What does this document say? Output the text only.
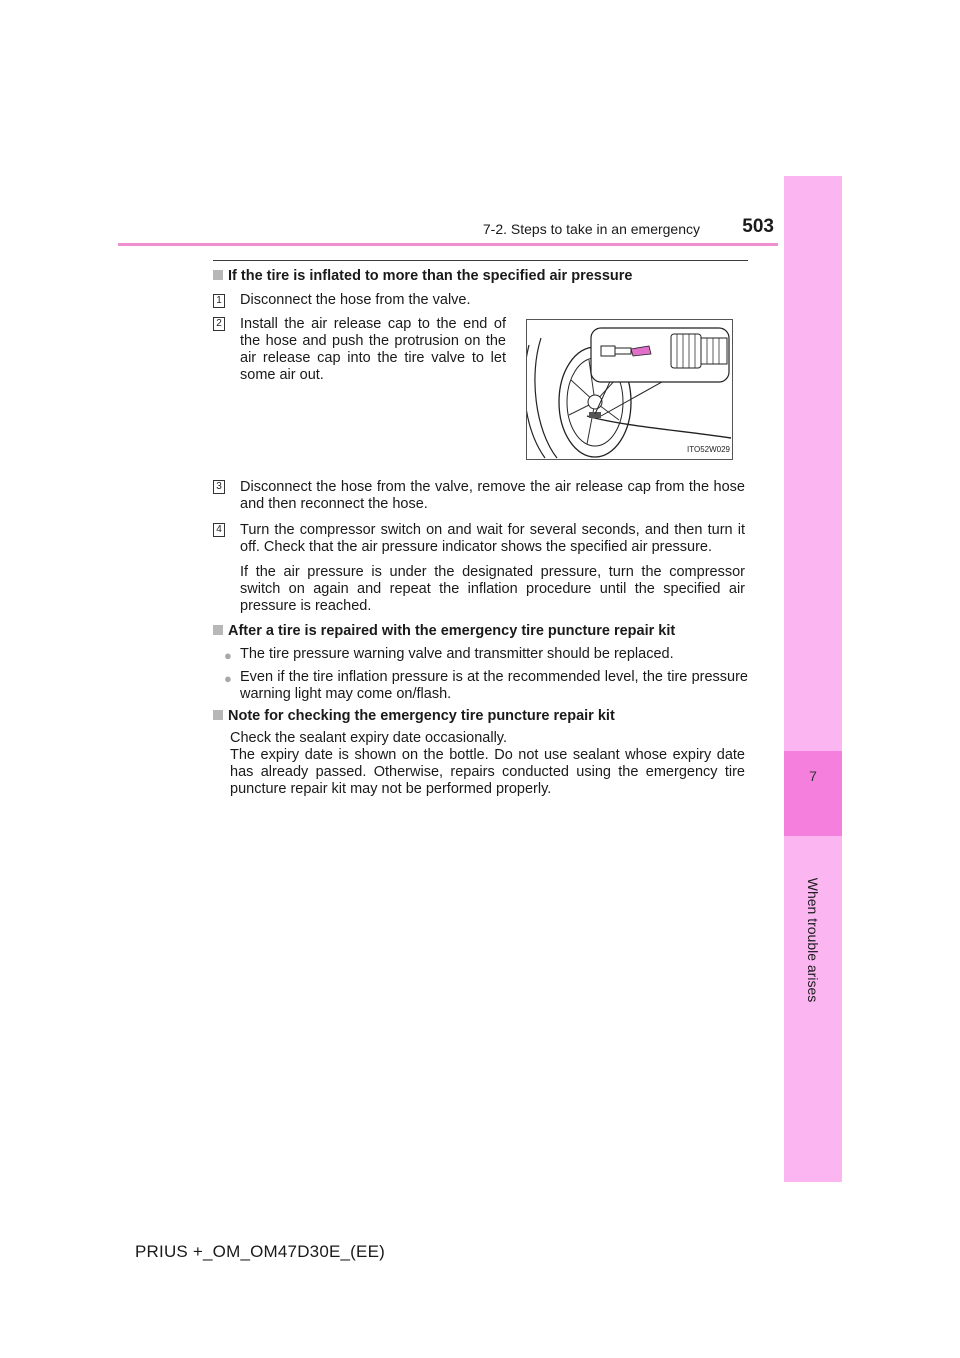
7-2. Steps to take in an emergency	503
7
When trouble arises
If the tire is inflated to more than the specified air pressure
1 Disconnect the hose from the valve.
2 Install the air release cap to the end of the hose and push the protrusion on the air release cap into the tire valve to let some air out.
ITO52W029
3 Disconnect the hose from the valve, remove the air release cap from the hose and then reconnect the hose.
4 Turn the compressor switch on and wait for several seconds, and then turn it off. Check that the air pressure indicator shows the specified air pressure.
If the air pressure is under the designated pressure, turn the compressor switch on again and repeat the inflation procedure until the specified air pressure is reached.
After a tire is repaired with the emergency tire puncture repair kit
● The tire pressure warning valve and transmitter should be replaced.
● Even if the tire inflation pressure is at the recommended level, the tire pressure warning light may come on/flash.
Note for checking the emergency tire puncture repair kit
Check the sealant expiry date occasionally.
The expiry date is shown on the bottle. Do not use sealant whose expiry date has already passed. Otherwise, repairs conducted using the emergency tire puncture repair kit may not be performed properly.
PRIUS +_OM_OM47D30E_(EE)
